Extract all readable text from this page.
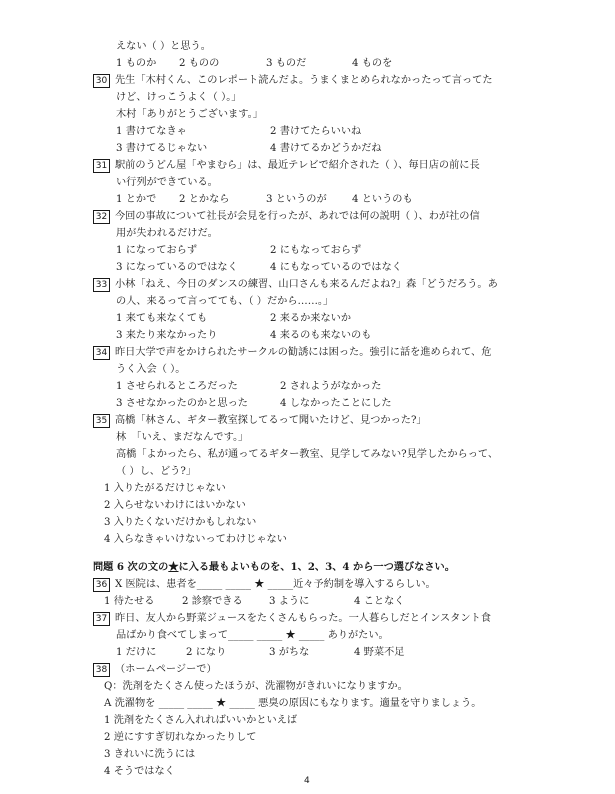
えない（ ）と思う。
1 ものか 2 ものの	3 ものだ	4 ものを
30 先生「木村くん、このレポート読んだよ。うまくまとめられなかったって言ってた
けど、けっこうよく（ ）。」
木村「ありがとうございます。」
1 書けてなきゃ	2 書けてたらいいね
3 書けてるじゃない	4 書けてるかどうかだね
31 駅前のうどん屋「やまむら」は、最近テレビで紹介された（ ）、毎日店の前に長
い行列ができている。
1 とかで 2 とかなら	3 というのが 4 というのも
32 今回の事故について社長が会見を行ったが、あれでは何の説明（ ）、わが社の信
用が失われるだけだ。
1 になっておらず	2 にもなっておらず
3 になっているのではなく	4 にもなっているのではなく
33 小林「ねえ、今日のダンスの練習、山口さんも来るんだよね?」森「どうだろう。あ
の人、来るって言ってても、（ ）だから……。」
1 来ても来なくても	2 来るか来ないか
3 来たり来なかったり	4 来るのも来ないのも
34 昨日大学で声をかけられたサークルの勧誘には困った。強引に話を進められて、危
うく入会（ ）。
1 させられるところだった	2 されようがなかった
3 させなかったのかと思った	4 しなかったことにした
35 高橋「林さん、ギター教室探してるって聞いたけど、見つかった?」
林　「いえ、まだなんです。」
高橋「よかったら、私が通ってるギター教室、見学してみない?見学したからって、
（ ）し、どう?」
1 入りたがるだけじゃない
2 入らせないわけにはいかない
3 入りたくないだけかもしれない
4 入らなきゃいけないってわけじゃない
問題 6 次の文の★に入る最もよいものを、1、2、3、4 から一つ選びなさい。
36 X 医院は、患者を_____ _____ ★ _____近々予約制を導入するらしい。
1 待たせる	2 診察できる	3 ように	4 ことなく
37 昨日、友人から野菜ジュースをたくさんもらった。一人暮らしだとインスタント食
品ばかり食べてしまって_____ _____ ★ _____ ありがたい。
1 だけに	2 になり	3 がちな	4 野菜不足
38 （ホームページーで）
Q：洗剤をたくさん使ったほうが、洗濯物がきれいになりますか。
A 洗濯物を _____ _____ ★ _____ 悪臭の原因にもなります。適量を守りましょう。
1 洗剤をたくさん入れればいいかといえば
2 逆にすすぎ切れなかったりして
3 きれいに洗うには
4 そうではなく
4
